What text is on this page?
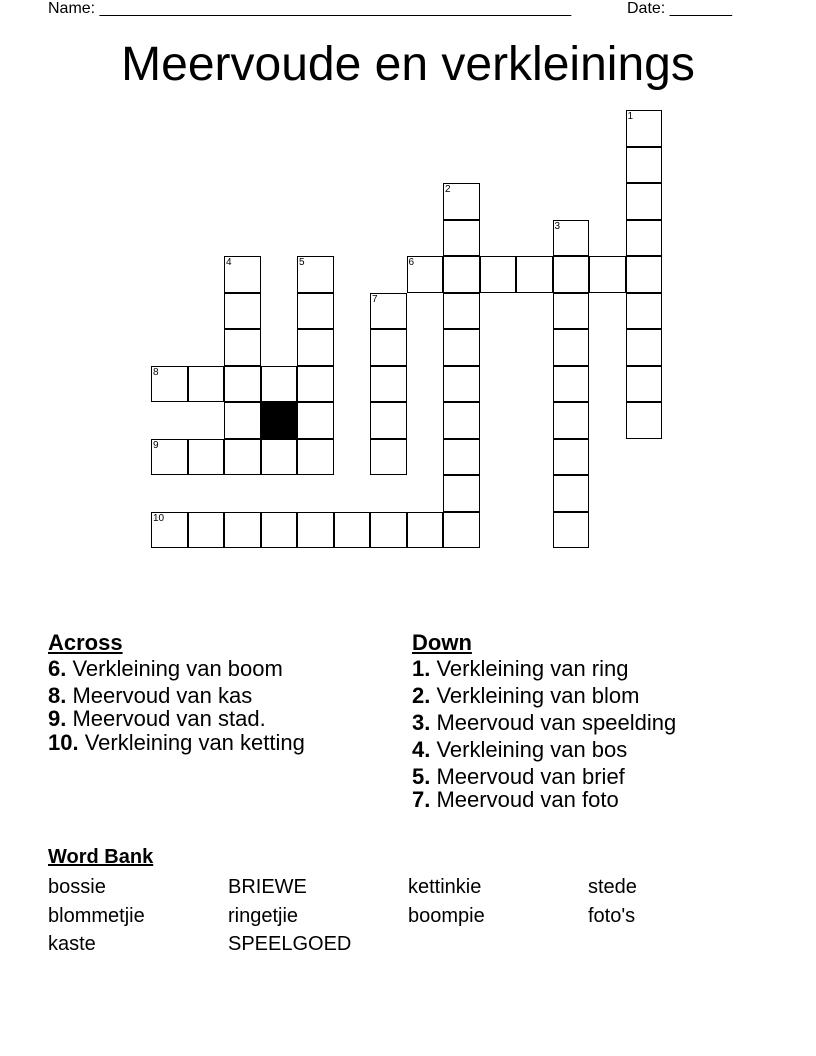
Name: _____________________________________________________	Date: _______
Meervoude en verkleinings
1
2
3
4	5	6
7
8
9
10
Across
6. Verkleining van boom
8. Meervoud van kas
9. Meervoud van stad.
10. Verkleining van ketting
Down
1. Verkleining van ring
2. Verkleining van blom
3. Meervoud van speelding
4. Verkleining van bos
5. Meervoud van brief
7. Meervoud van foto
Word Bank
bossie	BRIEWE	kettinkie	stede
blommetjie	ringetjie	boompie	foto's
kaste	SPEELGOED
